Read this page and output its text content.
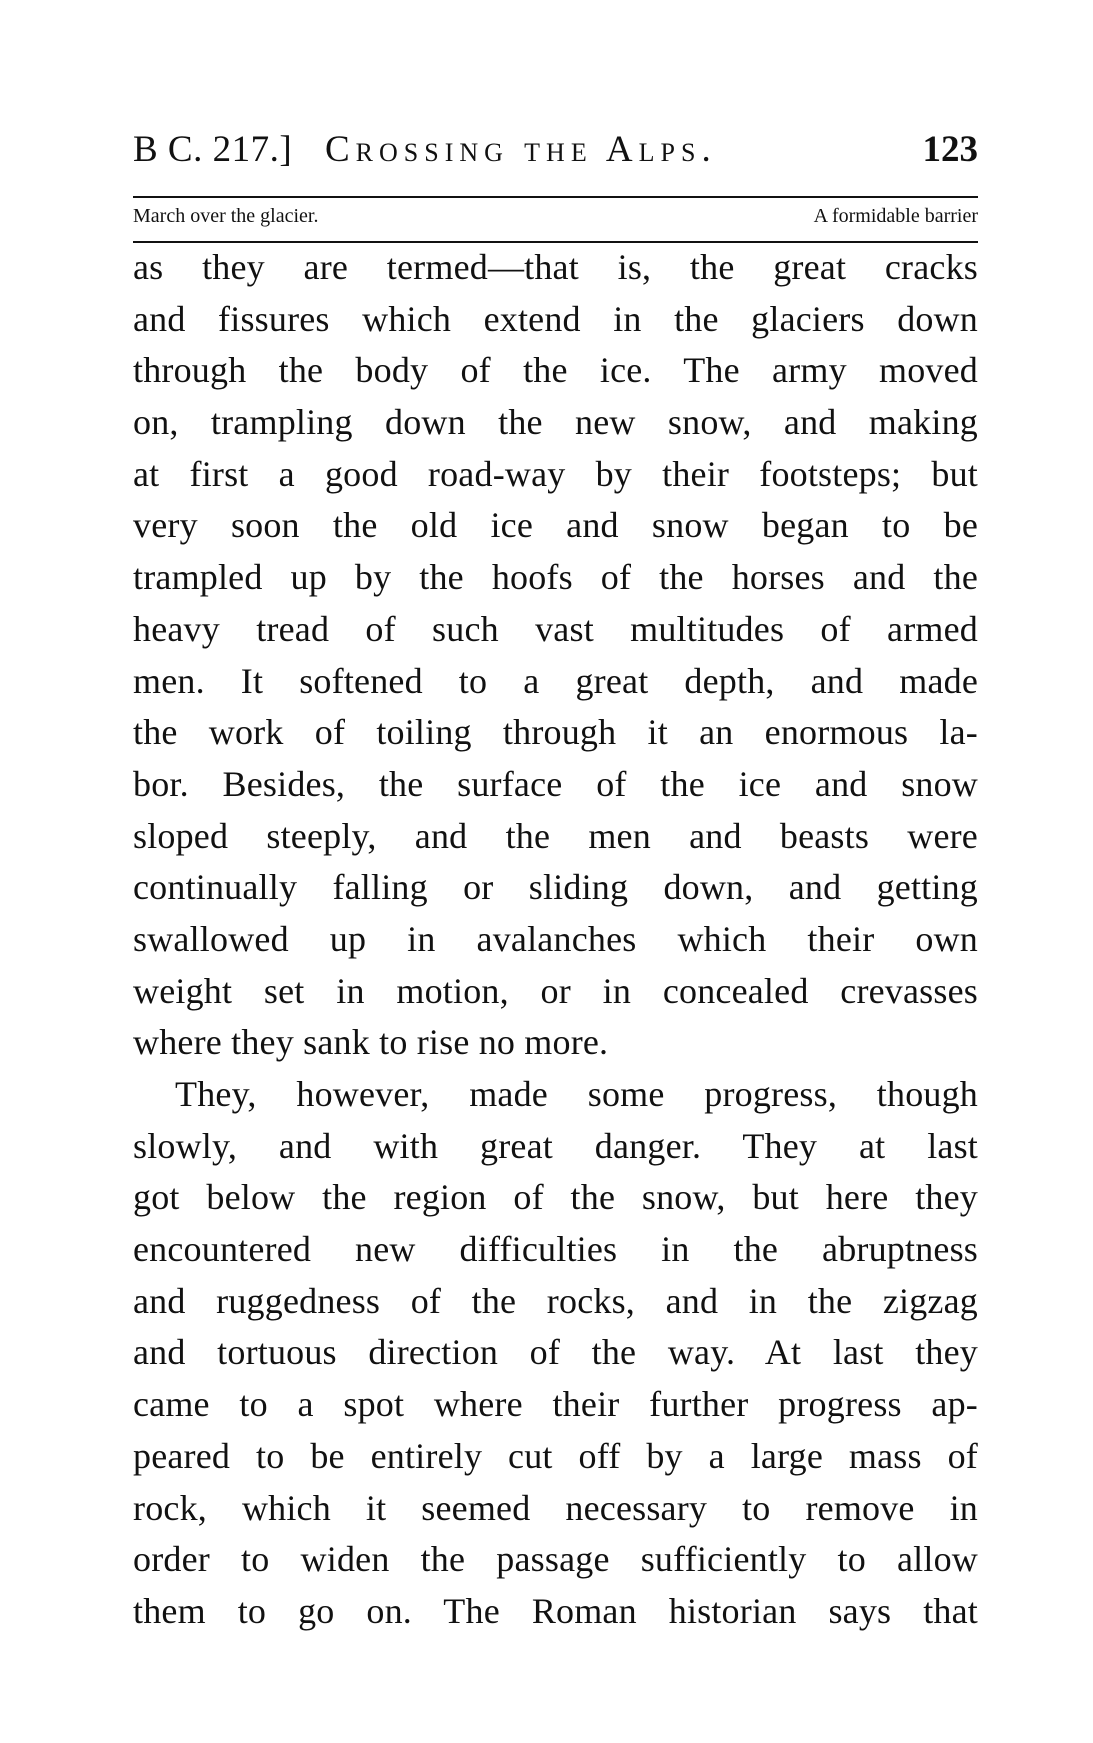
B C. 217.] Crossing the Alps.	123
March over the glacier.	A formidable barrier
as they are termed—that is, the great cracks
and fissures which extend in the glaciers down
through the body of the ice. The army moved
on, trampling down the new snow, and making
at first a good road-way by their footsteps; but
very soon the old ice and snow began to be
trampled up by the hoofs of the horses and the
heavy tread of such vast multitudes of armed
men. It softened to a great depth, and made
the work of toiling through it an enormous la-
bor. Besides, the surface of the ice and snow
sloped steeply, and the men and beasts were
continually falling or sliding down, and getting
swallowed up in avalanches which their own
weight set in motion, or in concealed crevasses
where they sank to rise no more.
They, however, made some progress, though
slowly, and with great danger. They at last
got below the region of the snow, but here they
encountered new difficulties in the abruptness
and ruggedness of the rocks, and in the zigzag
and tortuous direction of the way. At last they
came to a spot where their further progress ap-
peared to be entirely cut off by a large mass of
rock, which it seemed necessary to remove in
order to widen the passage sufficiently to allow
them to go on. The Roman historian says that
